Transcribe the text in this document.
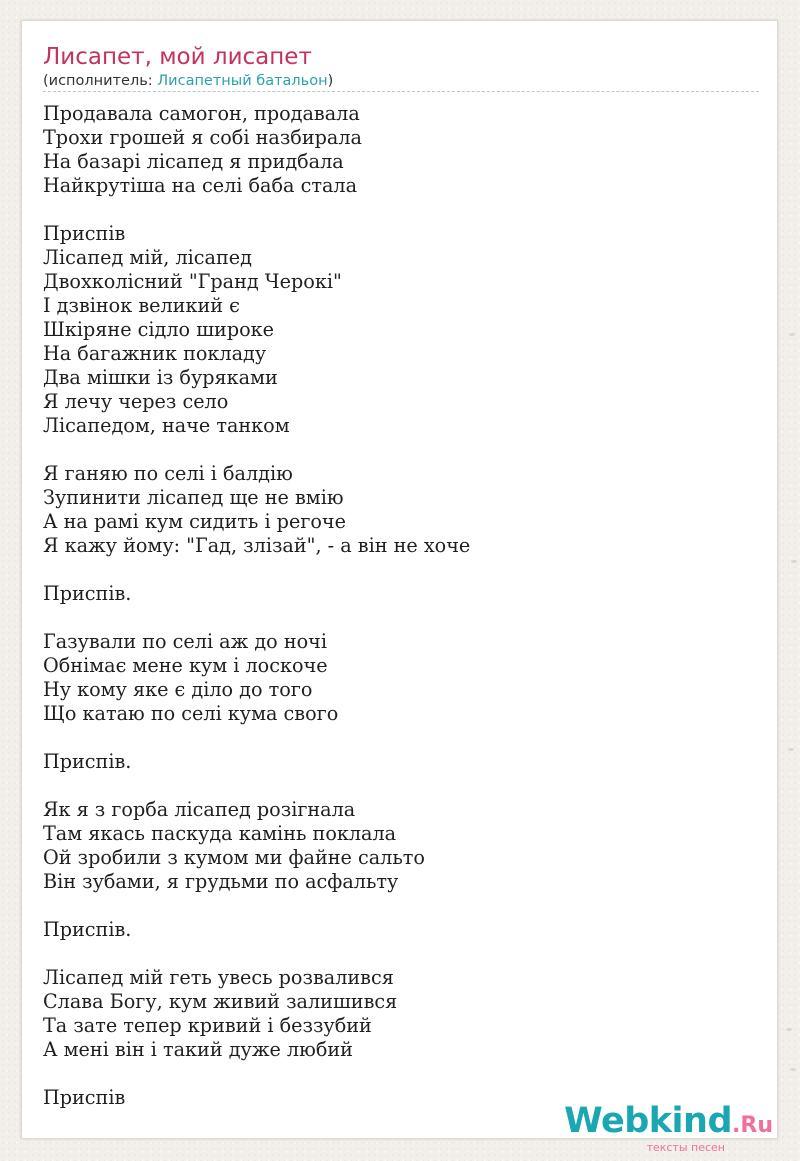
Лисапет, мой лисапет
(исполнитель: Лисапетный батальон)
Продавала самогон, продавала
Трохи грошей я собі назбирала
На базарі лісапед я придбала
Найкрутіша на селі баба стала

Приспів
Лісапед мій, лісапед
Двохколісний "Гранд Черокі"
І дзвінок великий є
Шкіряне сідло широке
На багажник покладу
Два мішки із буряками
Я лечу через село
Лісапедом, наче танком

Я ганяю по селі і балдію
Зупинити лісапед ще не вмію
А на рамі кум сидить і регоче
Я кажу йому: "Гад, злізай", - а він не хоче

Приспів.

Газували по селі аж до ночі
Обнімає мене кум і лоскоче
Ну кому яке є діло до того
Що катаю по селі кума свого

Приспів.

Як я з горба лісапед розігнала
Там якась паскуда камінь поклала
Ой зробили з кумом ми файне сальто
Він зубами, я грудьми по асфальту

Приспів.

Лісапед мій геть увесь розвалився
Слава Богу, кум живий залишився
Та зате тепер кривий і беззубий
А мені він і такий дуже любий

Приспів
Webkind.Ru
тексты песен
